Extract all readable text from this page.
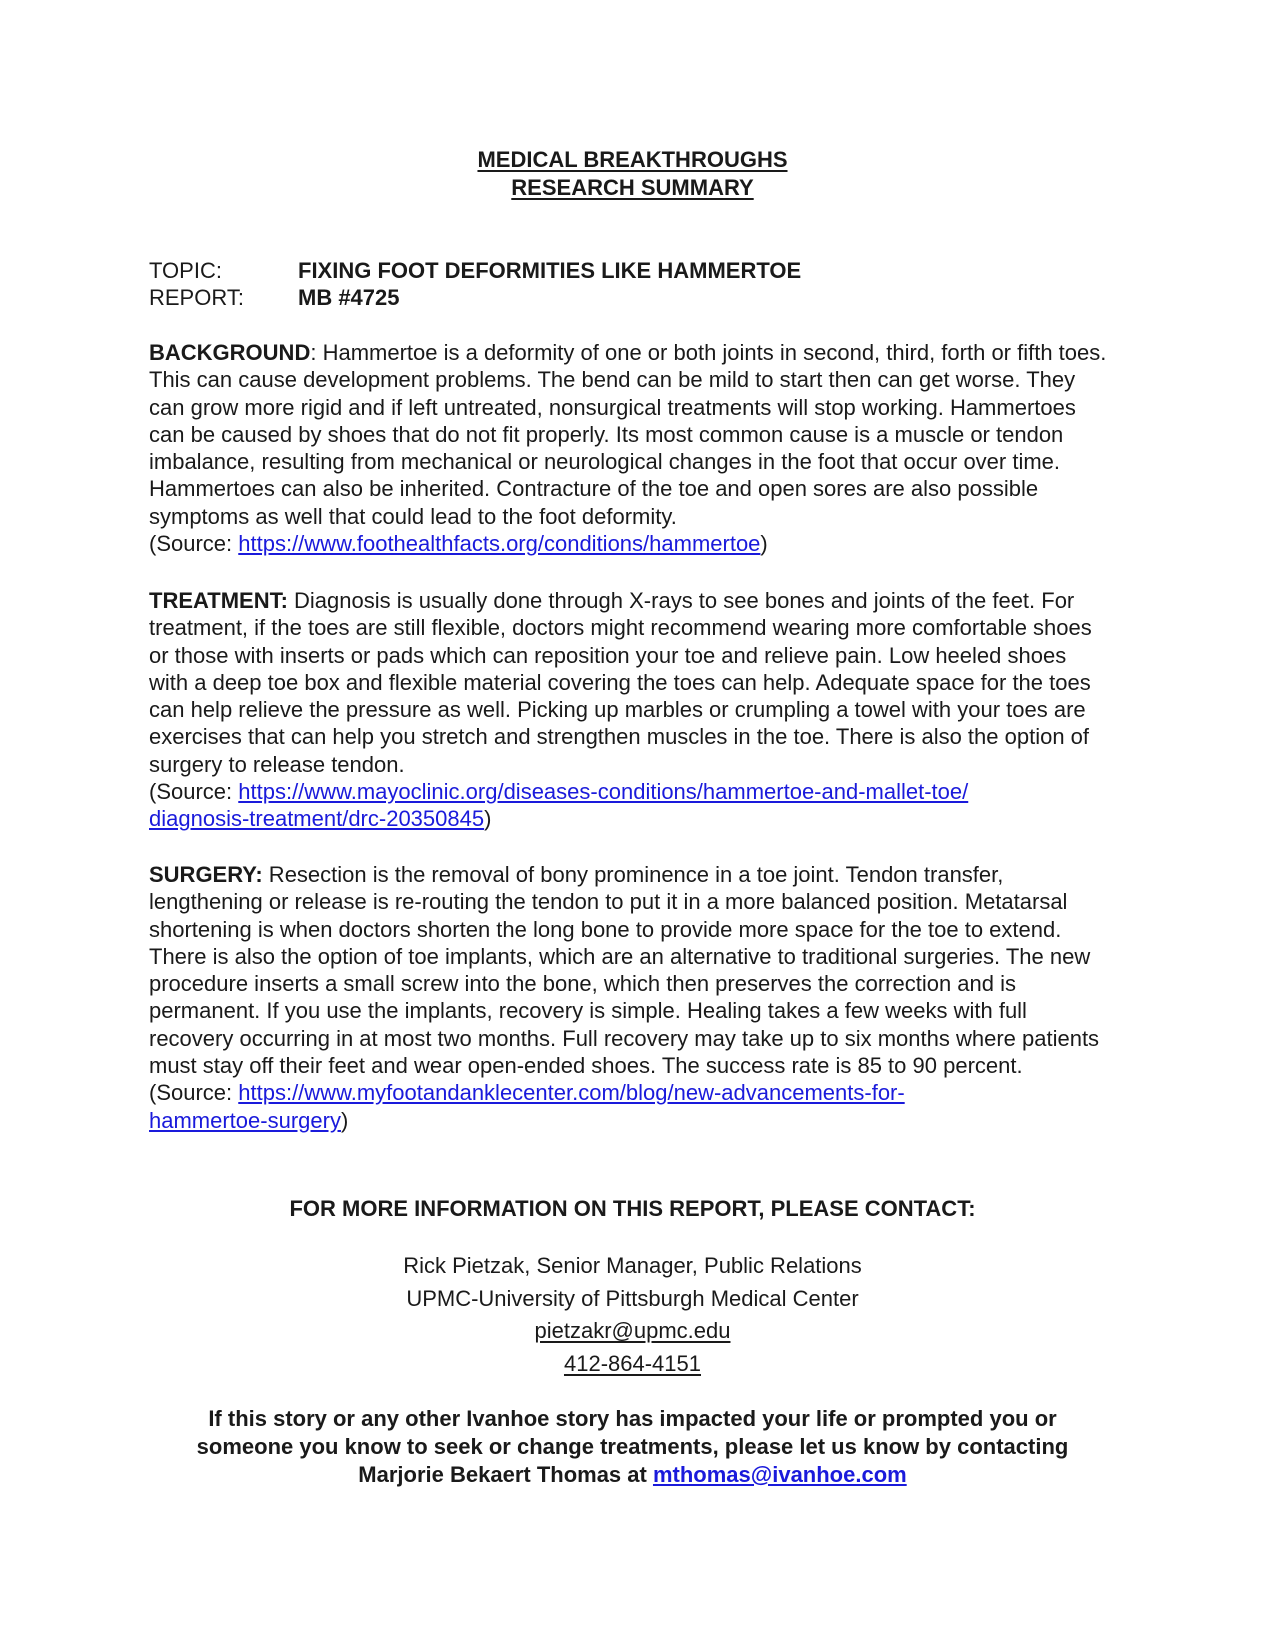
MEDICAL BREAKTHROUGHS
RESEARCH SUMMARY
TOPIC:	FIXING FOOT DEFORMITIES LIKE HAMMERTOE
REPORT:	MB #4725

BACKGROUND: Hammertoe is a deformity of one or both joints in second, third, forth or fifth toes. This can cause development problems. The bend can be mild to start then can get worse. They can grow more rigid and if left untreated, nonsurgical treatments will stop working. Hammertoes can be caused by shoes that do not fit properly. Its most common cause is a muscle or tendon imbalance, resulting from mechanical or neurological changes in the foot that occur over time. Hammertoes can also be inherited. Contracture of the toe and open sores are also possible symptoms as well that could lead to the foot deformity.

(Source: https://www.foothealthfacts.org/conditions/hammertoe)

TREATMENT: Diagnosis is usually done through X-rays to see bones and joints of the feet. For treatment, if the toes are still flexible, doctors might recommend wearing more comfortable shoes or those with inserts or pads which can reposition your toe and relieve pain. Low heeled shoes with a deep toe box and flexible material covering the toes can help. Adequate space for the toes can help relieve the pressure as well. Picking up marbles or crumpling a towel with your toes are exercises that can help you stretch and strengthen muscles in the toe. There is also the option of surgery to release tendon.

(Source: https://www.mayoclinic.org/diseases-conditions/hammertoe-and-mallet-toe/
diagnosis-treatment/drc-20350845)

SURGERY: Resection is the removal of bony prominence in a toe joint. Tendon transfer, lengthening or release is re-routing the tendon to put it in a more balanced position. Metatarsal shortening is when doctors shorten the long bone to provide more space for the toe to extend. There is also the option of toe implants, which are an alternative to traditional surgeries. The new procedure inserts a small screw into the bone, which then preserves the correction and is permanent. If you use the implants, recovery is simple. Healing takes a few weeks with full recovery occurring in at most two months. Full recovery may take up to six months where patients must stay off their feet and wear open-ended shoes. The success rate is 85 to 90 percent.

(Source: https://www.myfootandanklecenter.com/blog/new-advancements-for-
hammertoe-surgery)

FOR MORE INFORMATION ON THIS REPORT, PLEASE CONTACT:
Rick Pietzak, Senior Manager, Public Relations
UPMC-University of Pittsburgh Medical Center
pietzakr@upmc.edu
412-864-4151
If this story or any other Ivanhoe story has impacted your life or prompted you or
someone you know to seek or change treatments, please let us know by contacting
Marjorie Bekaert Thomas at mthomas@ivanhoe.com
